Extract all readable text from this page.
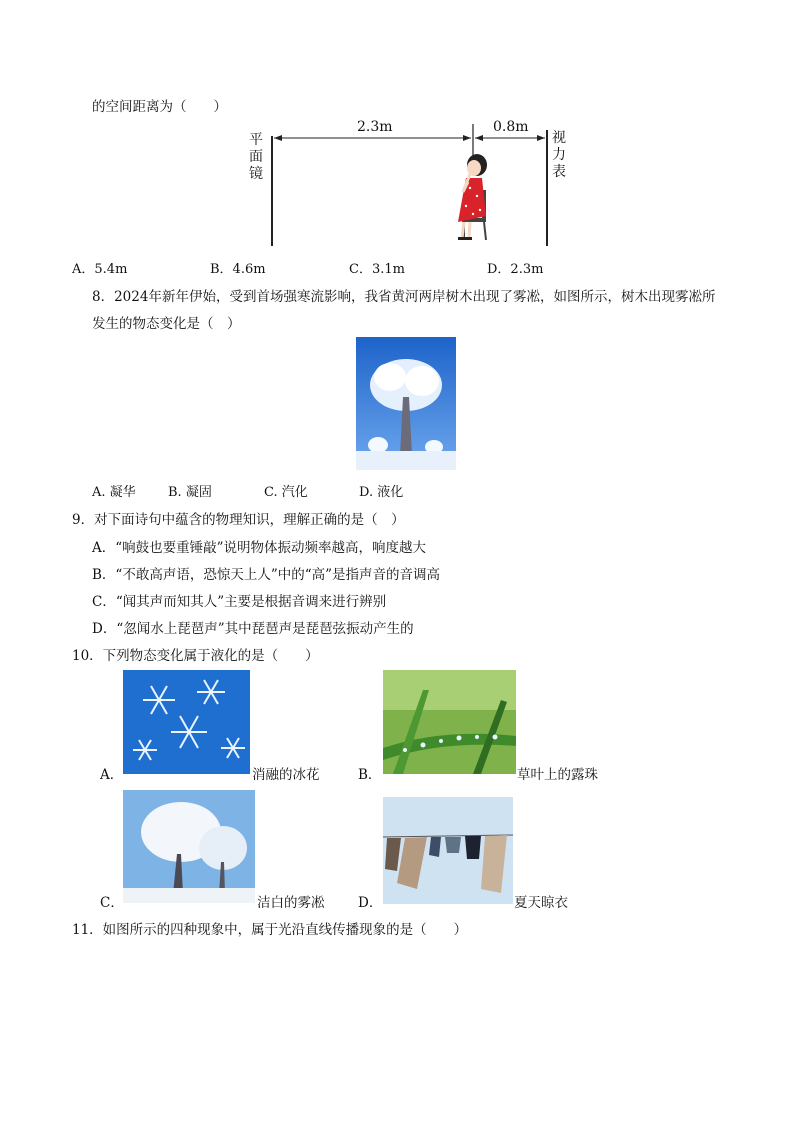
的空间距离为（　　）
2.3m	0.8m
平面镜
视力表
A．5.4m	B．4.6m	C．3.1m	D．2.3m
8．2024年新年伊始，受到首场强寒流影响，我省黄河两岸树木出现了雾凇，如图所示，树木出现雾凇所
发生的物态变化是（　）
A. 凝华 B. 凝固	C. 汽化	D. 液化
9．对下面诗句中蕴含的物理知识，理解正确的是（　）
A．“响鼓也要重锤敲”说明物体振动频率越高，响度越大
B．“不敢高声语，恐惊天上人”中的“高”是指声音的音调高
C．“闻其声而知其人”主要是根据音调来进行辨别
D．“忽闻水上琵琶声”其中琵琶声是琵琶弦振动产生的
10．下列物态变化属于液化的是（　　）
A．	消融的冰花	B．	草叶上的露珠
C．	洁白的雾凇 D．	夏天晾衣
11．如图所示的四种现象中，属于光沿直线传播现象的是（　　）
